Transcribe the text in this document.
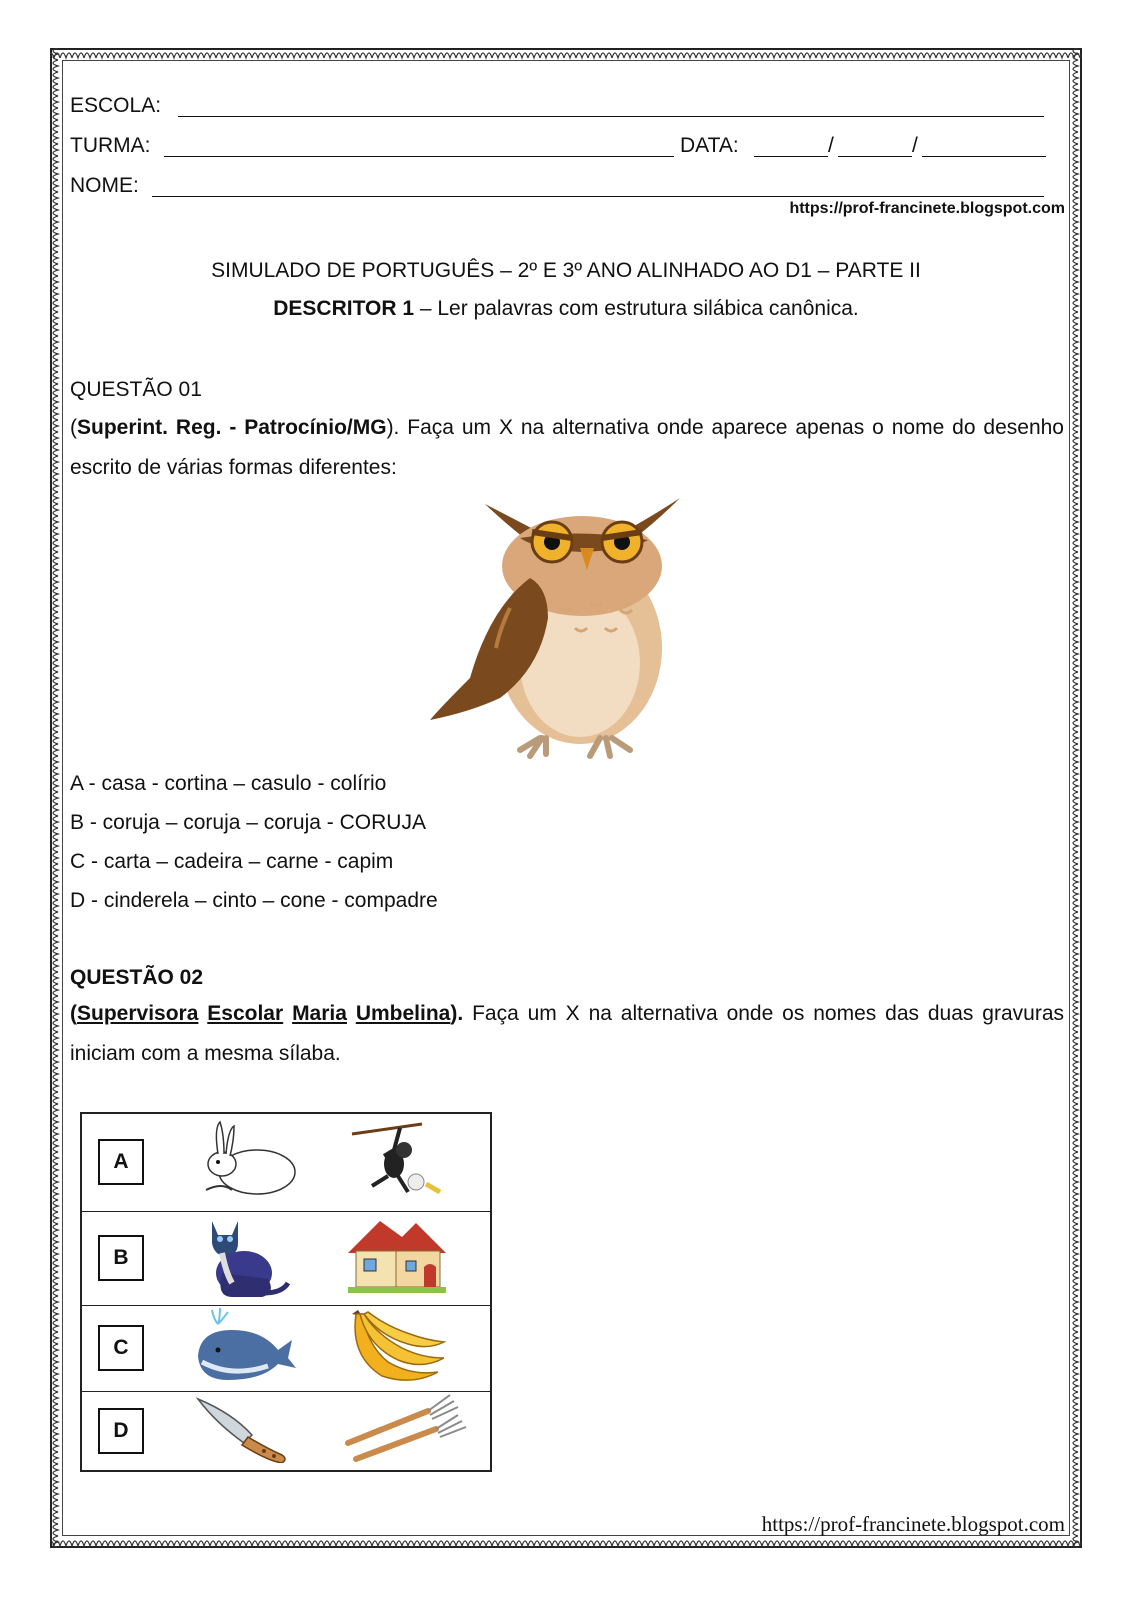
ESCOLA:
TURMA:	DATA:	/	/
NOME:
https://prof-francinete.blogspot.com
SIMULADO DE PORTUGUÊS – 2º E 3º ANO ALINHADO AO D1 – PARTE II
DESCRITOR 1 – Ler palavras com estrutura silábica canônica.
QUESTÃO 01
(Superint. Reg. - Patrocínio/MG). Faça um X na alternativa onde aparece apenas o nome do desenho escrito de várias formas diferentes:
A - casa - cortina – casulo - colírio
B - coruja – coruja – coruja - CORUJA
C - carta – cadeira – carne - capim
D - cinderela – cinto – cone - compadre
QUESTÃO 02
(Supervisora Escolar Maria Umbelina). Faça um X na alternativa onde os nomes das duas gravuras iniciam com a mesma sílaba.
A

B

C

D

https://prof-francinete.blogspot.com
